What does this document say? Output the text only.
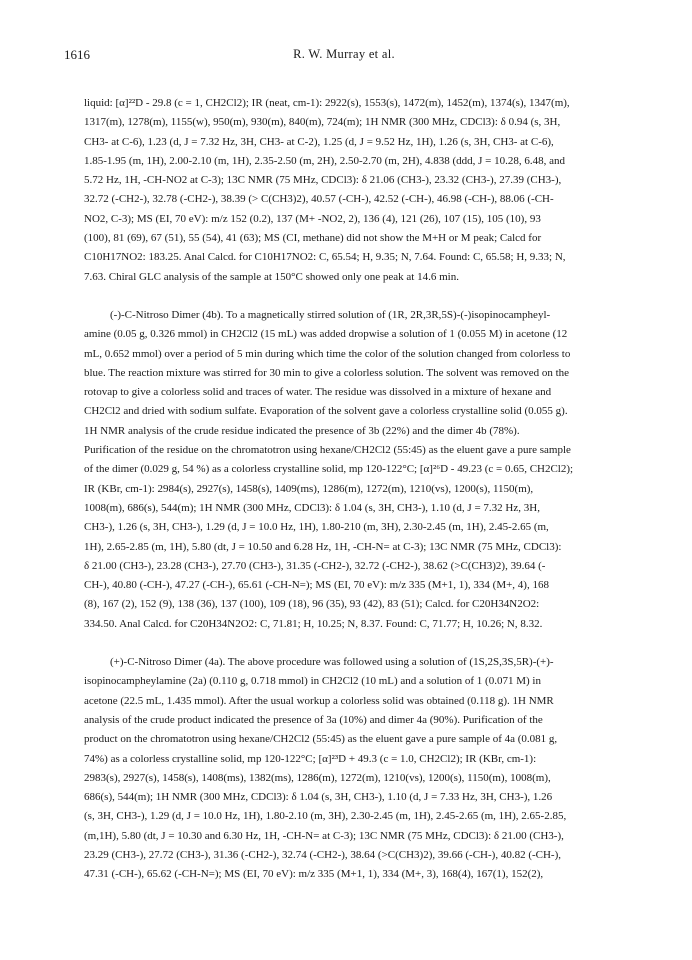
1616	R. W. Murray et al.
liquid: [α]²²D - 29.8 (c = 1, CH2Cl2); IR (neat, cm-1): 2922(s), 1553(s), 1472(m), 1452(m), 1374(s), 1347(m),
1317(m), 1278(m), 1155(w), 950(m), 930(m), 840(m), 724(m); 1H NMR (300 MHz, CDCl3): δ 0.94 (s, 3H,
CH3- at C-6), 1.23 (d, J = 7.32 Hz, 3H, CH3- at C-2), 1.25 (d, J = 9.52 Hz, 1H), 1.26 (s, 3H, CH3- at C-6),
1.85-1.95 (m, 1H), 2.00-2.10 (m, 1H), 2.35-2.50 (m, 2H), 2.50-2.70 (m, 2H), 4.838 (ddd, J = 10.28, 6.48, and
5.72 Hz, 1H, -CH-NO2 at C-3); 13C NMR (75 MHz, CDCl3): δ 21.06 (CH3-), 23.32 (CH3-), 27.39 (CH3-),
32.72 (-CH2-), 32.78 (-CH2-), 38.39 (> C(CH3)2), 40.57 (-CH-), 42.52 (-CH-), 46.98 (-CH-), 88.06 (-CH-
NO2, C-3); MS (EI, 70 eV): m/z 152 (0.2), 137 (M+ -NO2, 2), 136 (4), 121 (26), 107 (15), 105 (10), 93
(100), 81 (69), 67 (51), 55 (54), 41 (63); MS (CI, methane) did not show the M+H or M peak; Calcd for
C10H17NO2: 183.25. Anal Calcd. for C10H17NO2: C, 65.54; H, 9.35; N, 7.64. Found: C, 65.58; H, 9.33; N,
7.63. Chiral GLC analysis of the sample at 150°C showed only one peak at 14.6 min.
(-)-C-Nitroso Dimer (4b). To a magnetically stirred solution of (1R, 2R,3R,5S)-(-)isopinocampheyl-
amine (0.05 g, 0.326 mmol) in CH2Cl2 (15 mL) was added dropwise a solution of 1 (0.055 M) in acetone (12
mL, 0.652 mmol) over a period of 5 min during which time the color of the solution changed from colorless to
blue. The reaction mixture was stirred for 30 min to give a colorless solution. The solvent was removed on the
rotovap to give a colorless solid and traces of water. The residue was dissolved in a mixture of hexane and
CH2Cl2 and dried with sodium sulfate. Evaporation of the solvent gave a colorless crystalline solid (0.055 g).
1H NMR analysis of the crude residue indicated the presence of 3b (22%) and the dimer 4b (78%).
Purification of the residue on the chromatotron using hexane/CH2Cl2 (55:45) as the eluent gave a pure sample
of the dimer (0.029 g, 54 %) as a colorless crystalline solid, mp 120-122°C; [α]²⁶D - 49.23 (c = 0.65, CH2Cl2);
IR (KBr, cm-1): 2984(s), 2927(s), 1458(s), 1409(ms), 1286(m), 1272(m), 1210(vs), 1200(s), 1150(m),
1008(m), 686(s), 544(m); 1H NMR (300 MHz, CDCl3): δ 1.04 (s, 3H, CH3-), 1.10 (d, J = 7.32 Hz, 3H,
CH3-), 1.26 (s, 3H, CH3-), 1.29 (d, J = 10.0 Hz, 1H), 1.80-210 (m, 3H), 2.30-2.45 (m, 1H), 2.45-2.65 (m,
1H), 2.65-2.85 (m, 1H), 5.80 (dt, J = 10.50 and 6.28 Hz, 1H, -CH-N= at C-3); 13C NMR (75 MHz, CDCl3):
δ 21.00 (CH3-), 23.28 (CH3-), 27.70 (CH3-), 31.35 (-CH2-), 32.72 (-CH2-), 38.62 (>C(CH3)2), 39.64 (-
CH-), 40.80 (-CH-), 47.27 (-CH-), 65.61 (-CH-N=); MS (EI, 70 eV): m/z 335 (M+1, 1), 334 (M+, 4), 168
(8), 167 (2), 152 (9), 138 (36), 137 (100), 109 (18), 96 (35), 93 (42), 83 (51); Calcd. for C20H34N2O2:
334.50. Anal Calcd. for C20H34N2O2: C, 71.81; H, 10.25; N, 8.37. Found: C, 71.77; H, 10.26; N, 8.32.
(+)-C-Nitroso Dimer (4a). The above procedure was followed using a solution of (1S,2S,3S,5R)-(+)-
isopinocampheylamine (2a) (0.110 g, 0.718 mmol) in CH2Cl2 (10 mL) and a solution of 1 (0.071 M) in
acetone (22.5 mL, 1.435 mmol). After the usual workup a colorless solid was obtained (0.118 g). 1H NMR
analysis of the crude product indicated the presence of 3a (10%) and dimer 4a (90%). Purification of the
product on the chromatotron using hexane/CH2Cl2 (55:45) as the eluent gave a pure sample of 4a (0.081 g,
74%) as a colorless crystalline solid, mp 120-122°C; [α]²³D + 49.3 (c = 1.0, CH2Cl2); IR (KBr, cm-1):
2983(s), 2927(s), 1458(s), 1408(ms), 1382(ms), 1286(m), 1272(m), 1210(vs), 1200(s), 1150(m), 1008(m),
686(s), 544(m); 1H NMR (300 MHz, CDCl3): δ 1.04 (s, 3H, CH3-), 1.10 (d, J = 7.33 Hz, 3H, CH3-), 1.26
(s, 3H, CH3-), 1.29 (d, J = 10.0 Hz, 1H), 1.80-2.10 (m, 3H), 2.30-2.45 (m, 1H), 2.45-2.65 (m, 1H), 2.65-2.85,
(m,1H), 5.80 (dt, J = 10.30 and 6.30 Hz, 1H, -CH-N= at C-3); 13C NMR (75 MHz, CDCl3): δ 21.00 (CH3-),
23.29 (CH3-), 27.72 (CH3-), 31.36 (-CH2-), 32.74 (-CH2-), 38.64 (>C(CH3)2), 39.66 (-CH-), 40.82 (-CH-),
47.31 (-CH-), 65.62 (-CH-N=); MS (EI, 70 eV): m/z 335 (M+1, 1), 334 (M+, 3), 168(4), 167(1), 152(2),
